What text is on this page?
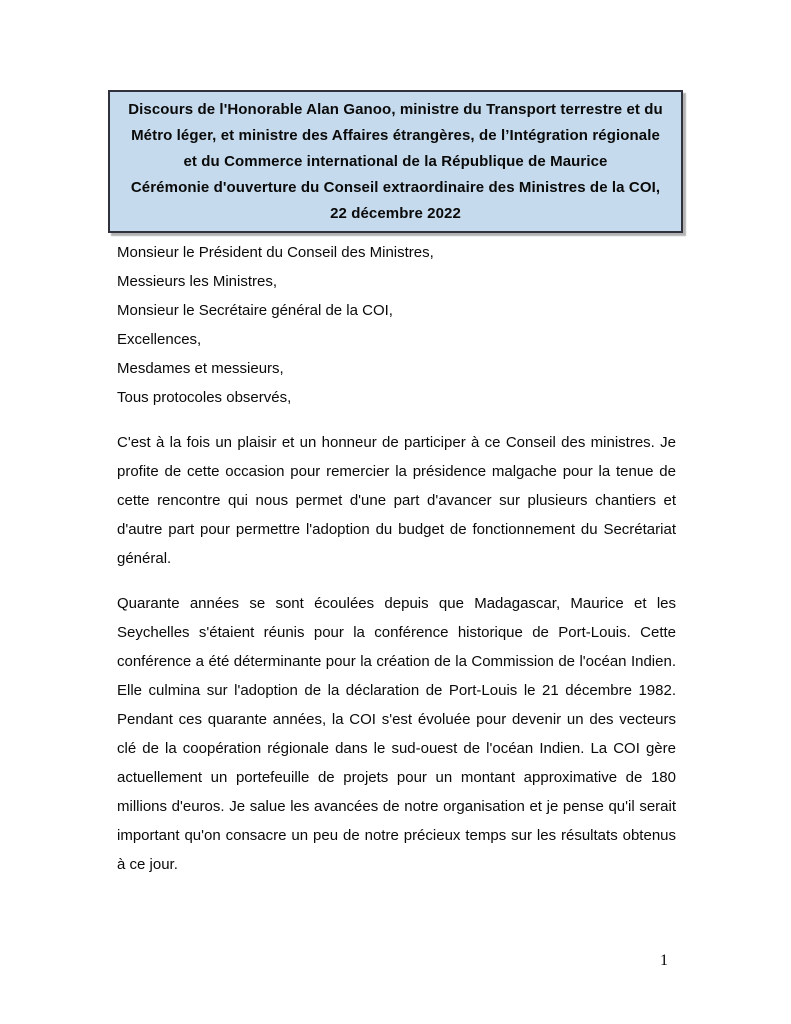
Discours de l'Honorable Alan Ganoo, ministre du Transport terrestre et du
Métro léger, et ministre des Affaires étrangères, de l’Intégration régionale
et du Commerce international de la République de Maurice
Cérémonie d'ouverture du Conseil extraordinaire des Ministres de la COI,
22 décembre 2022
Monsieur le Président du Conseil des Ministres,
Messieurs les Ministres,
Monsieur le Secrétaire général de la COI,
Excellences,
Mesdames et messieurs,
Tous protocoles observés,

C'est à la fois un plaisir et un honneur de participer à ce Conseil des ministres. Je profite de cette occasion pour remercier la présidence malgache pour la tenue de cette rencontre qui nous permet d'une part d'avancer sur plusieurs chantiers et d'autre part pour permettre l'adoption du budget de fonctionnement du Secrétariat général.

Quarante années se sont écoulées depuis que Madagascar, Maurice et les Seychelles s'étaient réunis pour la conférence historique de Port-Louis. Cette conférence a été déterminante pour la création de la Commission de l'océan Indien. Elle culmina sur l'adoption de la déclaration de Port-Louis le 21 décembre 1982. Pendant ces quarante années, la COI s'est évoluée pour devenir un des vecteurs clé de la coopération régionale dans le sud-ouest de l'océan Indien. La COI gère actuellement un portefeuille de projets pour un montant approximative de 180 millions d'euros. Je salue les avancées de notre organisation et je pense qu'il serait important qu'on consacre un peu de notre précieux temps sur les résultats obtenus à ce jour.

1
